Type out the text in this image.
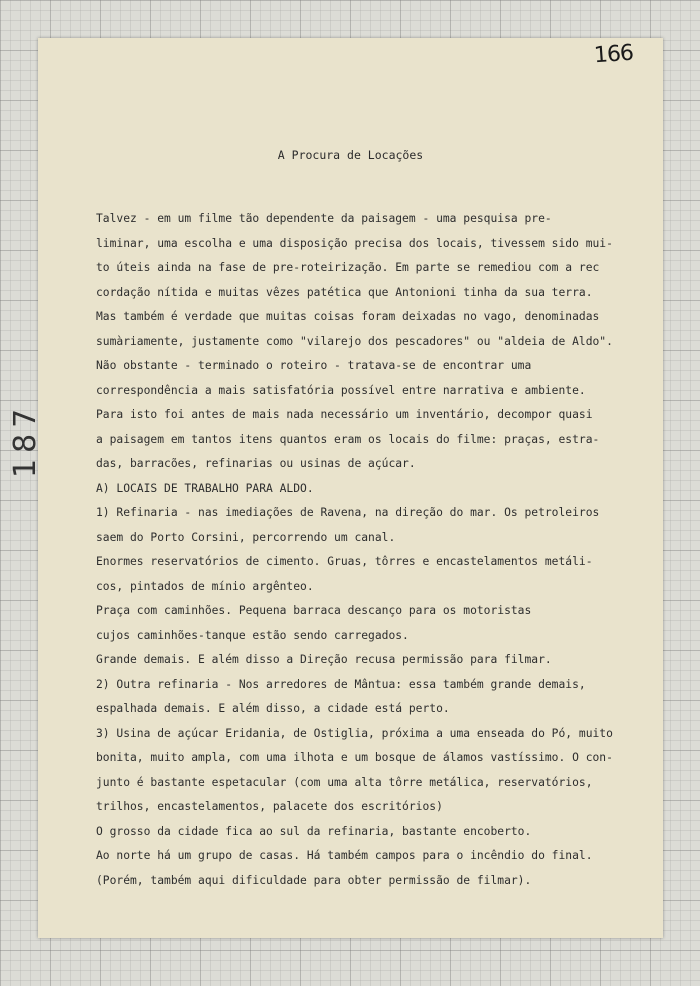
166
187
A Procura de Locações
Talvez - em um filme tão dependente da paisagem - uma pesquisa pre-
liminar, uma escolha e uma disposição precisa dos locais, tivessem sido mui-
to úteis ainda na fase de pre-roteirização. Em parte se remediou com a rec
cordação nítida e muitas vêzes patética que Antonioni tinha da sua terra.
Mas também é verdade que muitas coisas foram deixadas no vago, denominadas
sumàriamente, justamente como "vilarejo dos pescadores" ou "aldeia de Aldo".
Não obstante - terminado o roteiro - tratava-se de encontrar uma
correspondência a mais satisfatória possível entre narrativa e ambiente.
Para isto foi antes de mais nada necessário um inventário, decompor quasi
a paisagem em tantos itens quantos eram os locais do filme: praças, estra-
das, barracões, refinarias ou usinas de açúcar.
A) LOCAIS DE TRABALHO PARA ALDO.
1) Refinaria - nas imediações de Ravena, na direção do mar. Os petroleiros
saem do Porto Corsini, percorrendo um canal.
Enormes reservatórios de cimento. Gruas, tôrres e encastelamentos metáli-
cos, pintados de mínio argênteo.
Praça com caminhões. Pequena barraca descanço para os motoristas
cujos caminhões-tanque estão sendo carregados.
Grande demais. E além disso a Direção recusa permissão para filmar.
2) Outra refinaria - Nos arredores de Mântua: essa também grande demais,
espalhada demais. E além disso, a cidade está perto.
3) Usina de açúcar Eridania, de Ostiglia, próxima a uma enseada do Pó, muito
bonita, muito ampla, com uma ilhota e um bosque de álamos vastíssimo. O con-
junto é bastante espetacular (com uma alta tôrre metálica, reservatórios,
trilhos, encastelamentos, palacete dos escritórios)
O grosso da cidade fica ao sul da refinaria, bastante encoberto.
Ao norte há um grupo de casas. Há também campos para o incêndio do final.
(Porém, também aqui dificuldade para obter permissão de filmar).
